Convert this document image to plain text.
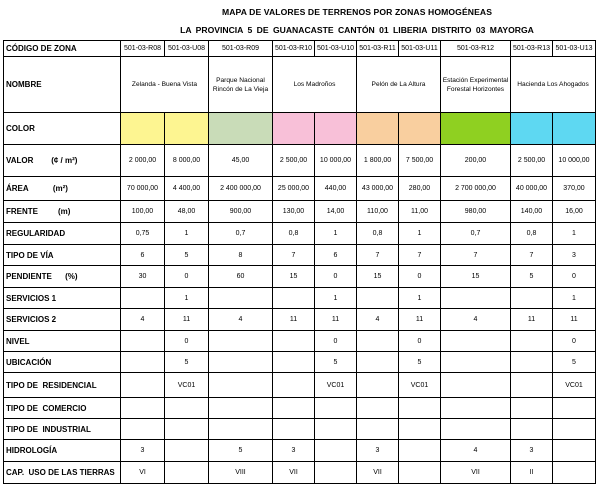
MAPA DE VALORES DE TERRENOS POR ZONAS HOMOGÉNEAS
LA PROVINCIA 5 DE GUANACASTE CANTÓN 01 LIBERIA DISTRITO 03 MAYORGA
CÓDIGO DE ZONA	501-03-R08	501-03-U08	501-03-R09	501-03-R10	501-03-U10	501-03-R11	501-03-U11	501-03-R12	501-03-R13	501-03-U13
NOMBRE	Zelanda - Buena Vista		Parque Nacional Rincón de La Vieja	Los Madroños		Pelón de La Altura		Estación Experimental Forestal Horizontes	Hacienda Los Ahogados	
COLOR										
VALOR        (¢ / m²)	2 000,00	8 000,00	45,00	2 500,00	10 000,00	1 800,00	7 500,00	200,00	2 500,00	10 000,00
ÁREA           (m²)	70 000,00	4 400,00	2 400 000,00	25 000,00	440,00	43 000,00	280,00	2 700 000,00	40 000,00	370,00
FRENTE         (m)	100,00	48,00	900,00	130,00	14,00	110,00	11,00	980,00	140,00	16,00
REGULARIDAD	0,75	1	0,7	0,8	1	0,8	1	0,7	0,8	1
TIPO DE VÍA	6	5	8	7	6	7	7	7	7	3
PENDIENTE      (%)	30	0	60	15	0	15	0	15	5	0
SERVICIOS 1		1			1		1			1
SERVICIOS 2	4	11	4	11	11	4	11	4	11	11
NIVEL		0			0		0			0
UBICACIÓN		5			5		5			5
TIPO DE  RESIDENCIAL		VC01			VC01		VC01			VC01
TIPO DE  COMERCIO										
TIPO DE  INDUSTRIAL										
HIDROLOGÍA	3		5	3		3		4	3	
CAP.  USO DE LAS TIERRAS	VI		VIII	VII		VII		VII	II	
